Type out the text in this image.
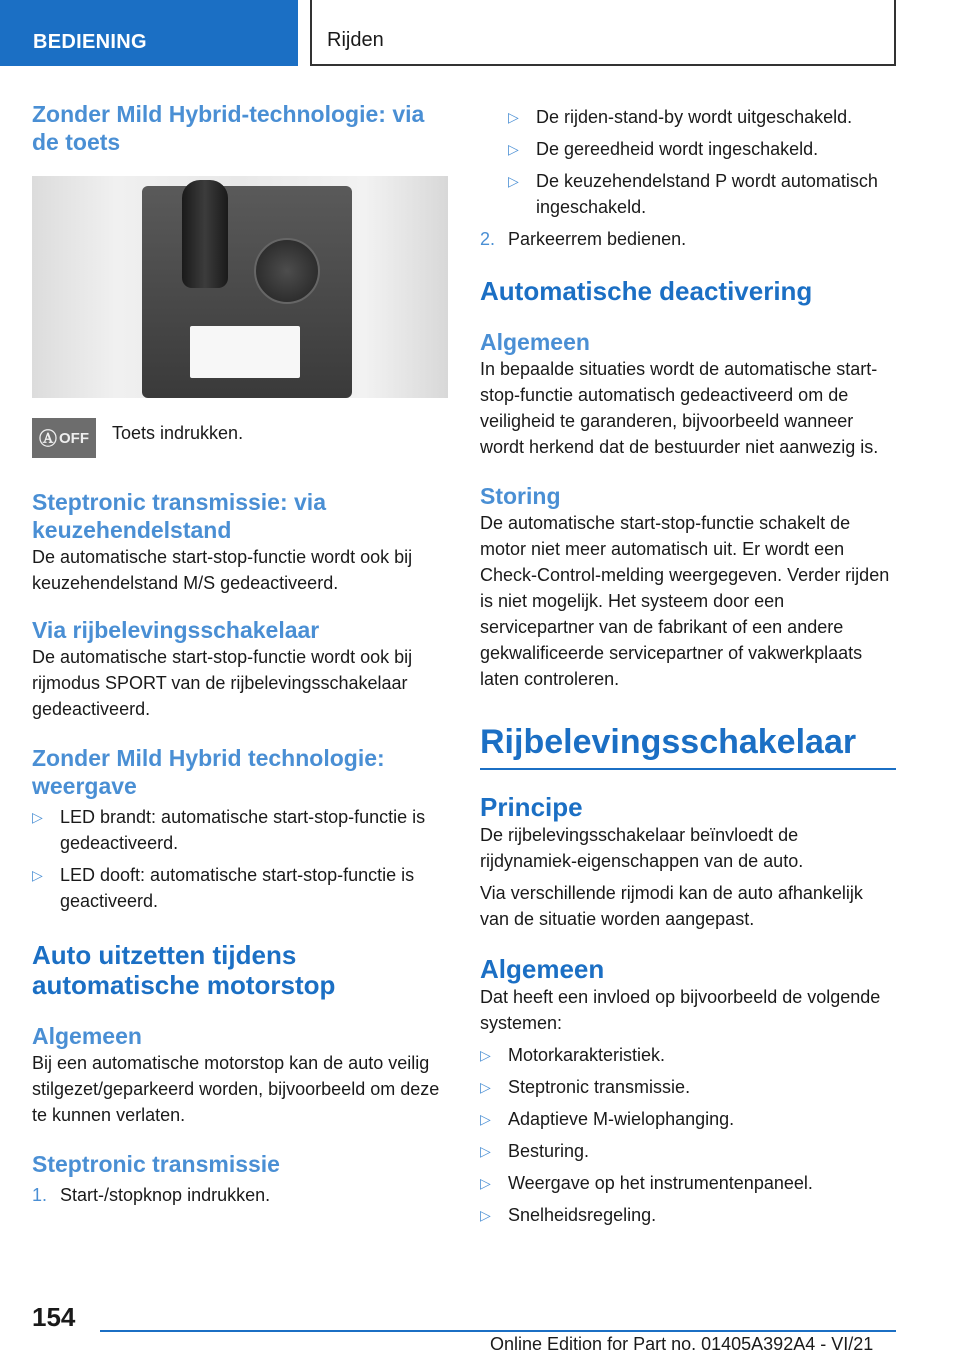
BEDIENING	Rijden
Zonder Mild Hybrid-technologie: via de toets
Ⓐ OFF Toets indrukken.

Steptronic transmissie: via keuzehendelstand

De automatische start-stop-functie wordt ook bij keuzehendelstand M/S gedeactiveerd.

Via rijbelevingsschakelaar

De automatische start-stop-functie wordt ook bij rijmodus SPORT van de rijbelevingsschakelaar gedeactiveerd.

Zonder Mild Hybrid technologie: weergave
▷ LED brandt: automatische start-stop-functie is gedeactiveerd.
▷ LED dooft: automatische start-stop-functie is geactiveerd.
Auto uitzetten tijdens automatische motorstop
Algemeen

Bij een automatische motorstop kan de auto veilig stilgezet/geparkeerd worden, bijvoorbeeld om deze te kunnen verlaten.

Steptronic transmissie
1. Start-/stopknop indrukken.
▷ De rijden-stand-by wordt uitgeschakeld.
▷ De gereedheid wordt ingeschakeld.
▷ De keuzehendelstand P wordt automatisch ingeschakeld.
2. Parkeerrem bedienen.
Automatische deactivering
Algemeen

In bepaalde situaties wordt de automatische start-stop-functie automatisch gedeactiveerd om de veiligheid te garanderen, bijvoorbeeld wanneer wordt herkend dat de bestuurder niet aanwezig is.

Storing

De automatische start-stop-functie schakelt de motor niet meer automatisch uit. Er wordt een Check-Control-melding weergegeven. Verder rijden is niet mogelijk. Het systeem door een servicepartner van de fabrikant of een andere gekwalificeerde servicepartner of vakwerkplaats laten controleren.

Rijbelevingsschakelaar
Principe

De rijbelevingsschakelaar beïnvloedt de rijdynamiek-eigenschappen van de auto.

Via verschillende rijmodi kan de auto afhankelijk van de situatie worden aangepast.

Algemeen

Dat heeft een invloed op bijvoorbeeld de volgende systemen:

▷ Motorkarakteristiek.
▷ Steptronic transmissie.
▷ Adaptieve M-wielophanging.
▷ Besturing.
▷ Weergave op het instrumentenpaneel.
▷ Snelheidsregeling.
154
Online Edition for Part no. 01405A392A4 - VI/21
